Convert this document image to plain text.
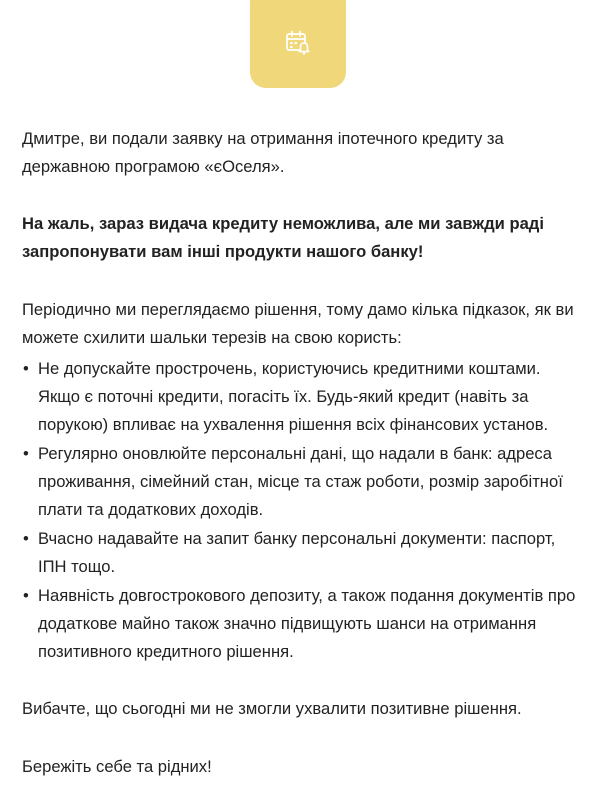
Дмитре, ви подали заявку на отримання іпотечного кредиту за державною програмою «єОселя».

На жаль, зараз видача кредиту неможлива, але ми завжди раді запропонувати вам інші продукти нашого банку!

Періодично ми переглядаємо рішення, тому дамо кілька підказок, як ви можете схилити шальки терезів на свою користь:

• Не допускайте прострочень, користуючись кредитними коштами. Якщо є поточні кредити, погасіть їх. Будь-який кредит (навіть за порукою) впливає на ухвалення рішення всіх фінансових установ.
• Регулярно оновлюйте персональні дані, що надали в банк: адреса проживання, сімейний стан, місце та стаж роботи, розмір заробітної плати та додаткових доходів.
• Вчасно надавайте на запит банку персональні документи: паспорт, ІПН тощо.
• Наявність довгострокового депозиту, а також подання документів про додаткове майно також значно підвищують шанси на отримання позитивного кредитного рішення.

Вибачте, що сьогодні ми не змогли ухвалити позитивне рішення.

Бережіть себе та рідних!
